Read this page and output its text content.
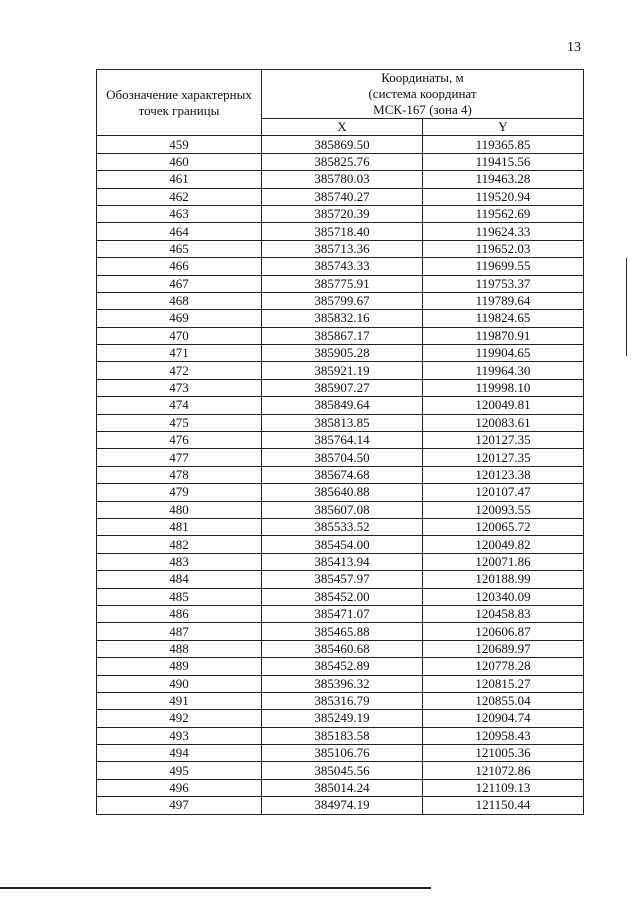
13
Обозначение характерных точек границы	Координаты, м
(система координат
МСК-167 (зона 4)	

	X	Y
459	385869.50	119365.85
460	385825.76	119415.56
461	385780.03	119463.28
462	385740.27	119520.94
463	385720.39	119562.69
464	385718.40	119624.33
465	385713.36	119652.03
466	385743.33	119699.55
467	385775.91	119753.37
468	385799.67	119789.64
469	385832.16	119824.65
470	385867.17	119870.91
471	385905.28	119904.65
472	385921.19	119964.30
473	385907.27	119998.10
474	385849.64	120049.81
475	385813.85	120083.61
476	385764.14	120127.35
477	385704.50	120127.35
478	385674.68	120123.38
479	385640.88	120107.47
480	385607.08	120093.55
481	385533.52	120065.72
482	385454.00	120049.82
483	385413.94	120071.86
484	385457.97	120188.99
485	385452.00	120340.09
486	385471.07	120458.83
487	385465.88	120606.87
488	385460.68	120689.97
489	385452.89	120778.28
490	385396.32	120815.27
491	385316.79	120855.04
492	385249.19	120904.74
493	385183.58	120958.43
494	385106.76	121005.36
495	385045.56	121072.86
496	385014.24	121109.13
497	384974.19	121150.44
